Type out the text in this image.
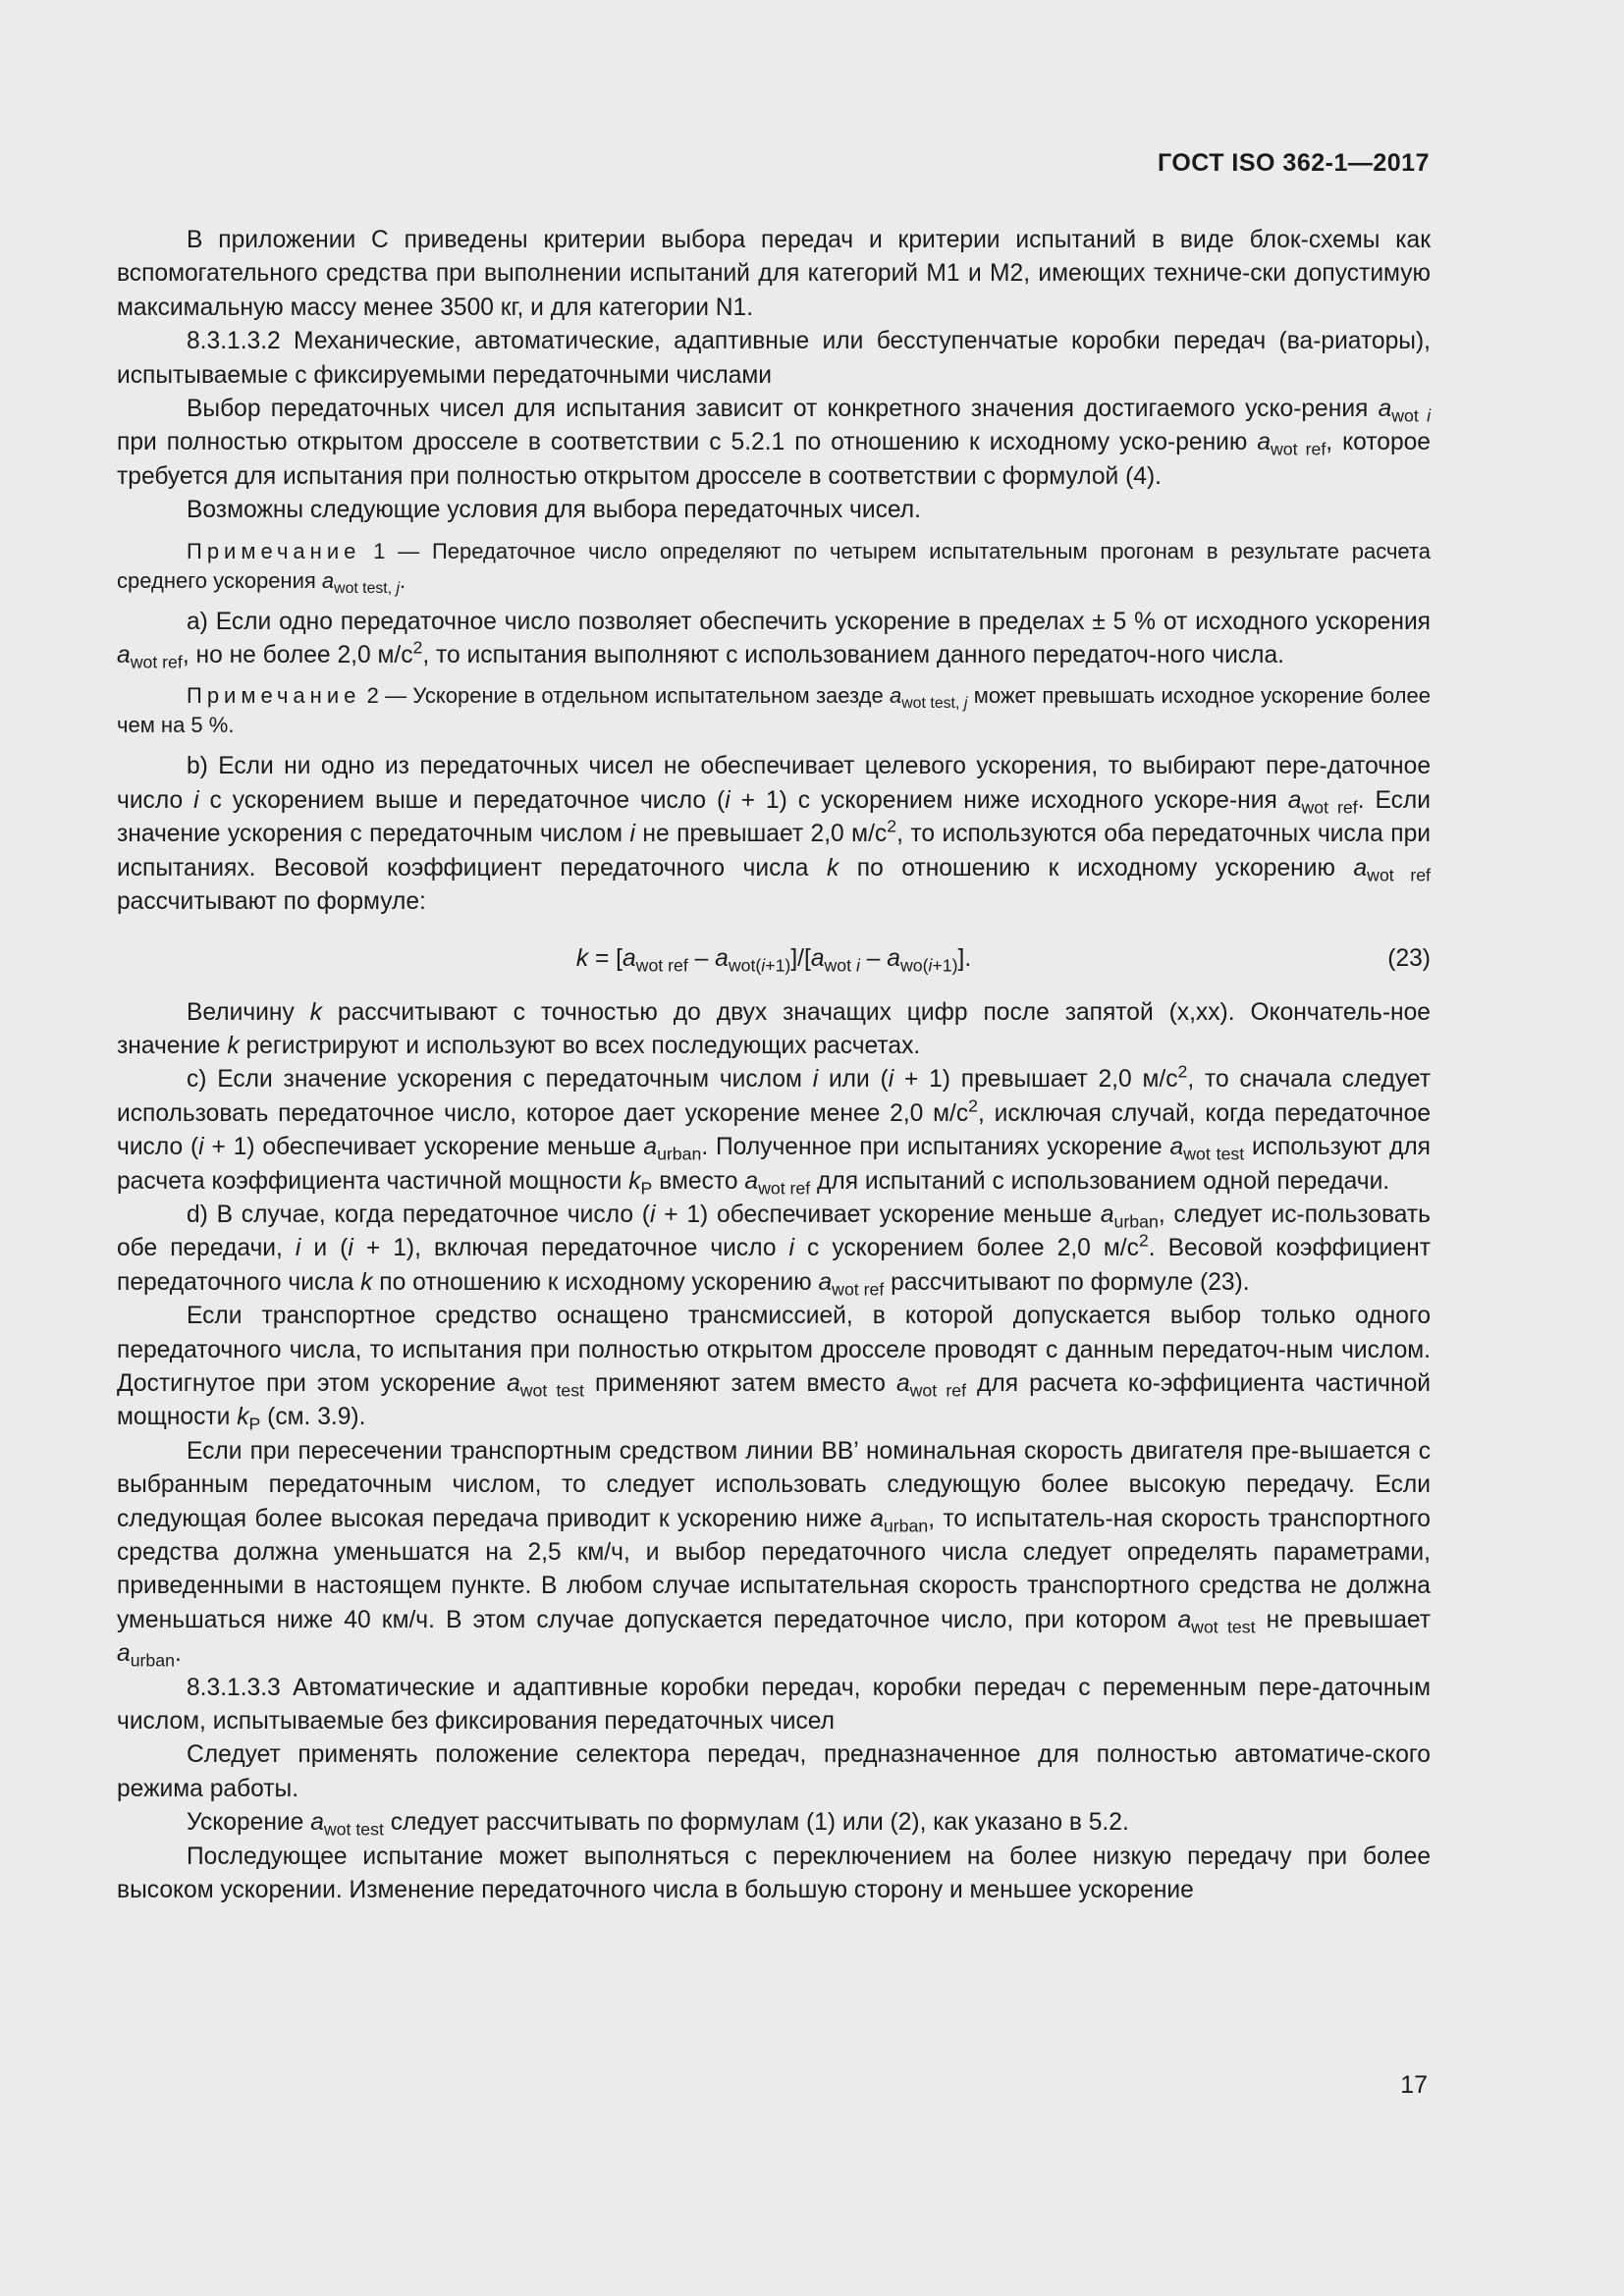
ГОСТ ISO 362-1—2017

В приложении С приведены критерии выбора передач и критерии испытаний в виде блок-схемы как вспомогательного средства при выполнении испытаний для категорий М1 и М2, имеющих техниче-ски допустимую максимальную массу менее 3500 кг, и для категории N1.

8.3.1.3.2 Механические, автоматические, адаптивные или бесступенчатые коробки передач (ва-риаторы), испытываемые с фиксируемыми передаточными числами

Выбор передаточных чисел для испытания зависит от конкретного значения достигаемого уско-рения $a_{wot i}$ при полностью открытом дросселе в соответствии с 5.2.1 по отношению к исходному уско-рению $a_{wot ref}$, которое требуется для испытания при полностью открытом дросселе в соответствии с формулой (4).

Возможны следующие условия для выбора передаточных чисел.

Примечание 1 — Передаточное число определяют по четырем испытательным прогонам в результате расчета среднего ускорения $a_{wot test, j}$.

a) Если одно передаточное число позволяет обеспечить ускорение в пределах ± 5 % от исходного ускорения $a_{wot ref}$, но не более 2,0 $м/с^2$, то испытания выполняют с использованием данного передаточ-ного числа.

Примечание 2 — Ускорение в отдельном испытательном заезде $a_{wot test, j}$ может превышать исходное ускорение более чем на 5 %.

b) Если ни одно из передаточных чисел не обеспечивает целевого ускорения, то выбирают пере-даточное число i с ускорением выше и передаточное число (i + 1) с ускорением ниже исходного ускоре-ния $a_{wot ref}$. Если значение ускорения с передаточным числом i не превышает 2,0 $м/с^2$, то используются оба передаточных числа при испытаниях. Весовой коэффициент передаточного числа k по отношению к исходному ускорению $a_{wot ref}$ рассчитывают по формуле:

$k = [a_{wot ref} - a_{wot(i+1)}]/[a_{wot i} - a_{wo(i+1)}]$.	(23)

Величину k рассчитывают с точностью до двух значащих цифр после запятой (х,хх). Окончатель-ное значение k регистрируют и используют во всех последующих расчетах.

c) Если значение ускорения с передаточным числом i или (i + 1) превышает 2,0 $м/с^2$, то сначала следует использовать передаточное число, которое дает ускорение менее 2,0 $м/с^2$, исключая случай, когда передаточное число (i + 1) обеспечивает ускорение меньше $a_{urban}$. Полученное при испытаниях ускорение $a_{wot test}$ используют для расчета коэффициента частичной мощности $k_P$ вместо $a_{wot ref}$ для испытаний с использованием одной передачи.

d) В случае, когда передаточное число (i + 1) обеспечивает ускорение меньше $a_{urban}$, следует ис-пользовать обе передачи, i и (i + 1), включая передаточное число i с ускорением более 2,0 $м/с^2$. Весовой коэффициент передаточного числа k по отношению к исходному ускорению $a_{wot ref}$ рассчитывают по формуле (23).

Если транспортное средство оснащено трансмиссией, в которой допускается выбор только одного передаточного числа, то испытания при полностью открытом дросселе проводят с данным передаточ-ным числом. Достигнутое при этом ускорение $a_{wot test}$ применяют затем вместо $a_{wot ref}$ для расчета ко-эффициента частичной мощности $k_P$ (см. 3.9).

Если при пересечении транспортным средством линии ВВ’ номинальная скорость двигателя пре-вышается с выбранным передаточным числом, то следует использовать следующую более высокую передачу. Если следующая более высокая передача приводит к ускорению ниже $a_{urban}$, то испытатель-ная скорость транспортного средства должна уменьшатся на 2,5 км/ч, и выбор передаточного числа следует определять параметрами, приведенными в настоящем пункте. В любом случае испытательная скорость транспортного средства не должна уменьшаться ниже 40 км/ч. В этом случае допускается передаточное число, при котором $a_{wot test}$ не превышает $a_{urban}$.

8.3.1.3.3 Автоматические и адаптивные коробки передач, коробки передач с переменным пере-даточным числом, испытываемые без фиксирования передаточных чисел

Следует применять положение селектора передач, предназначенное для полностью автоматиче-ского режима работы.

Ускорение $a_{wot test}$ следует рассчитывать по формулам (1) или (2), как указано в 5.2.

Последующее испытание может выполняться с переключением на более низкую передачу при более высоком ускорении. Изменение передаточного числа в большую сторону и меньшее ускорение

17
